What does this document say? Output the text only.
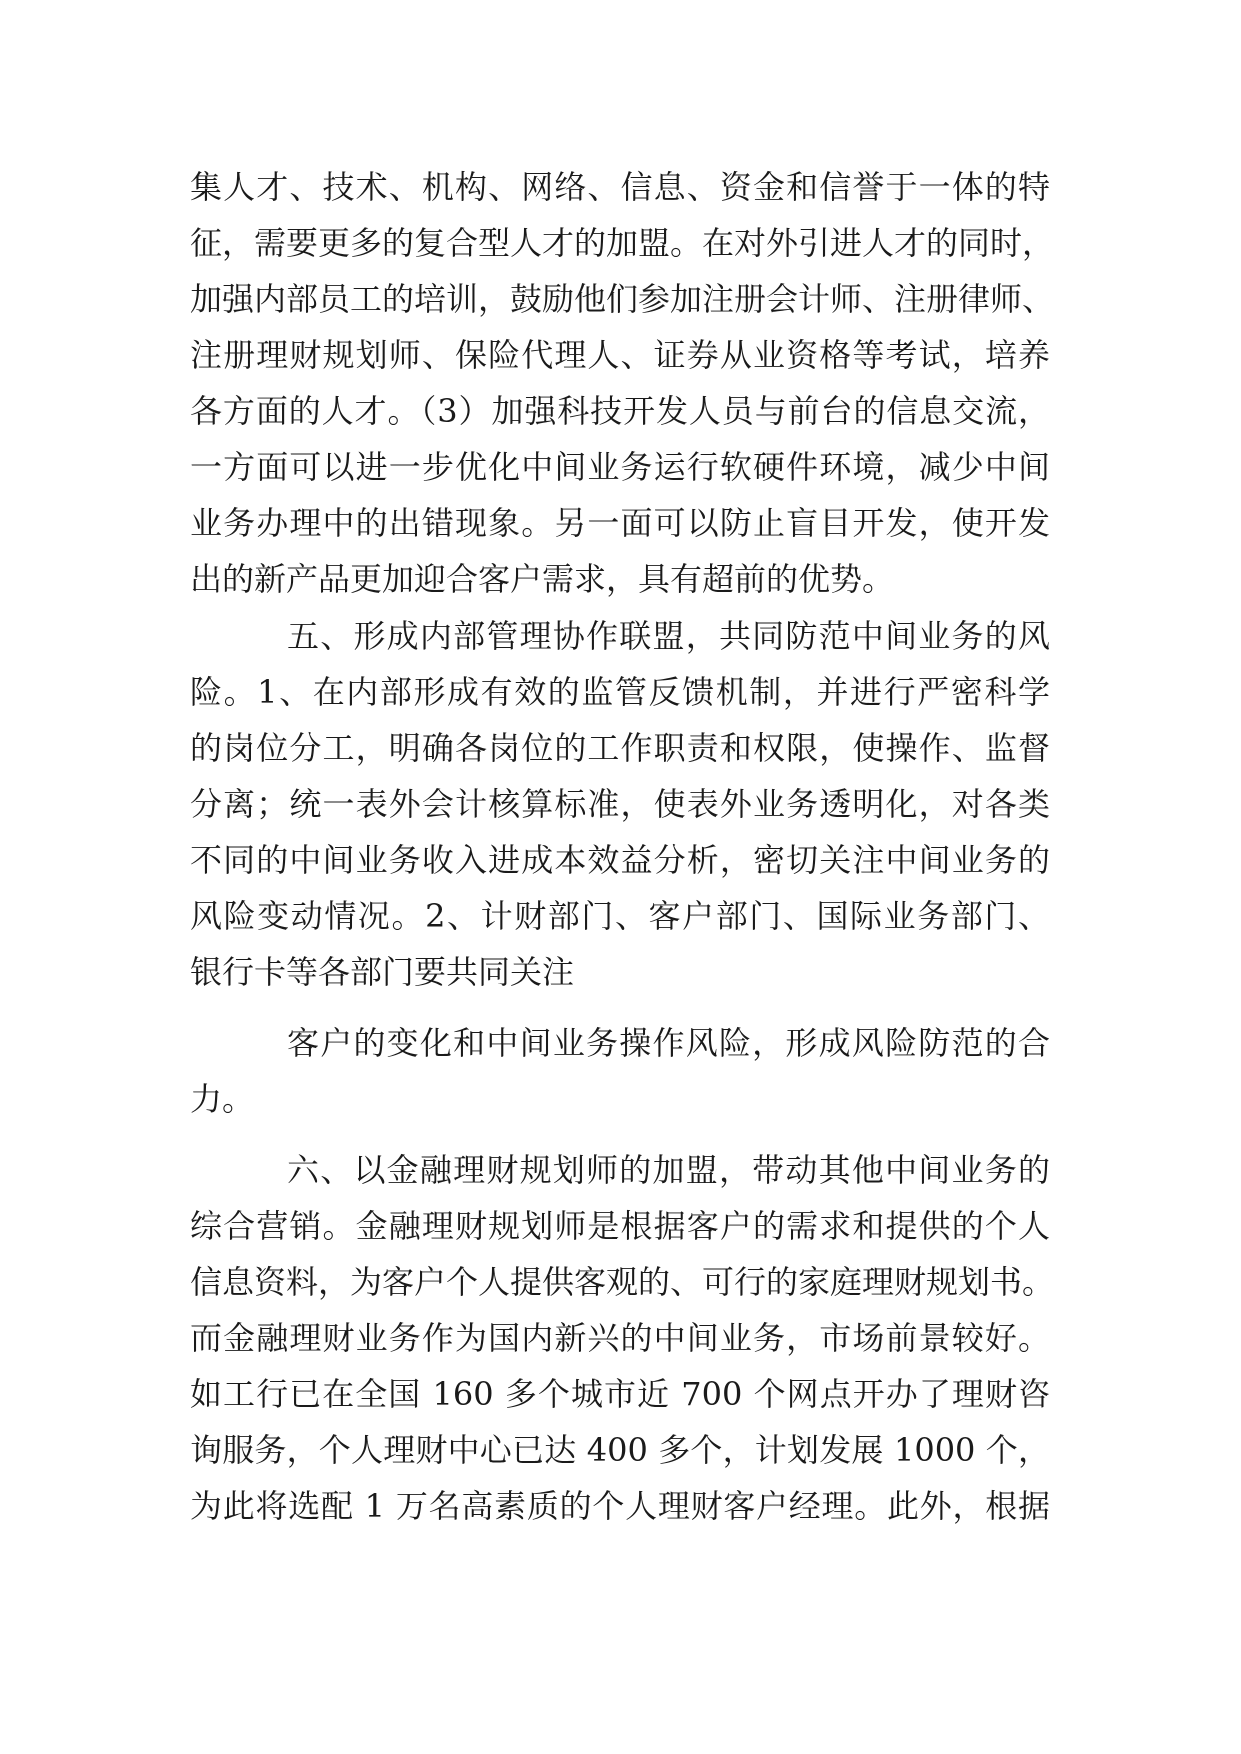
集人才、技术、机构、网络、信息、资金和信誉于一体的特
征，需要更多的复合型人才的加盟。在对外引进人才的同时，
加强内部员工的培训，鼓励他们参加注册会计师、注册律师、
注册理财规划师、保险代理人、证券从业资格等考试，培养
各方面的人才。（3）加强科技开发人员与前台的信息交流，
一方面可以进一步优化中间业务运行软硬件环境，减少中间
业务办理中的出错现象。另一面可以防止盲目开发，使开发
出的新产品更加迎合客户需求，具有超前的优势。
五、形成内部管理协作联盟，共同防范中间业务的风
险。1、在内部形成有效的监管反馈机制，并进行严密科学
的岗位分工，明确各岗位的工作职责和权限，使操作、监督
分离；统一表外会计核算标准，使表外业务透明化，对各类
不同的中间业务收入进成本效益分析，密切关注中间业务的
风险变动情况。2、计财部门、客户部门、国际业务部门、
银行卡等各部门要共同关注
客户的变化和中间业务操作风险，形成风险防范的合
力。
六、以金融理财规划师的加盟，带动其他中间业务的
综合营销。金融理财规划师是根据客户的需求和提供的个人
信息资料，为客户个人提供客观的、可行的家庭理财规划书。
而金融理财业务作为国内新兴的中间业务，市场前景较好。
如工行已在全国 160 多个城市近 700 个网点开办了理财咨
询服务，个人理财中心已达 400 多个，计划发展 1000 个，
为此将选配 1 万名高素质的个人理财客户经理。此外，根据
